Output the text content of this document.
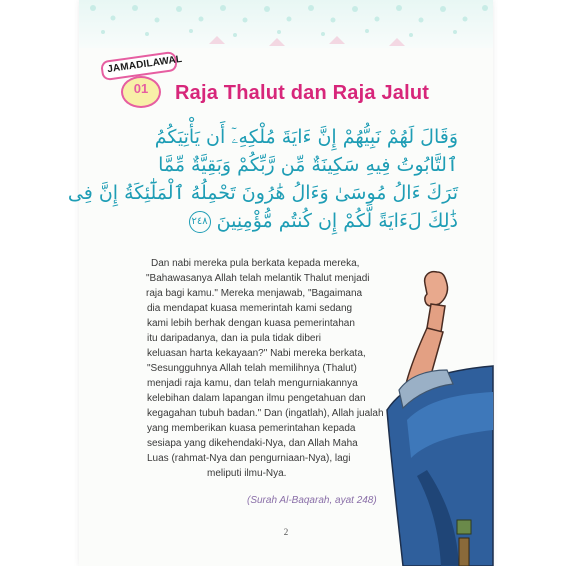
JAMADILAWAL
01	Raja Thalut dan Raja Jalut
وَقَالَ لَهُمْ نَبِيُّهُمْ إِنَّ ءَايَةَ مُلْكِهِۦٓ أَن يَأْتِيَكُمُ
ٱلتَّابُوتُ فِيهِ سَكِينَةٌ مِّن رَّبِّكُمْ وَبَقِيَّةٌ مِّمَّا
تَرَكَ ءَالُ مُوسَىٰ وَءَالُ هَٰرُونَ تَحْمِلُهُ ٱلْمَلَٰٓئِكَةُ إِنَّ فِى
ذَٰلِكَ لَءَايَةً لَّكُمْ إِن كُنتُم مُّؤْمِنِينَ ٢٤٨
Dan nabi mereka pula berkata kepada mereka,
"Bahawasanya Allah telah melantik Thalut menjadi
raja bagi kamu." Mereka menjawab, "Bagaimana
dia mendapat kuasa memerintah kami sedang
kami lebih berhak dengan kuasa pemerintahan
itu daripadanya, dan ia pula tidak diberi
keluasan harta kekayaan?" Nabi mereka berkata,
"Sesungguhnya Allah telah memilihnya (Thalut)
menjadi raja kamu, dan telah mengurniakannya
kelebihan dalam lapangan ilmu pengetahuan dan
kegagahan tubuh badan." Dan (ingatlah), Allah jualah
yang memberikan kuasa pemerintahan kepada
sesiapa yang dikehendaki-Nya, dan Allah Maha
Luas (rahmat-Nya dan pengurniaan-Nya), lagi
meliputi ilmu-Nya.
(Surah Al-Baqarah, ayat 248)
2
